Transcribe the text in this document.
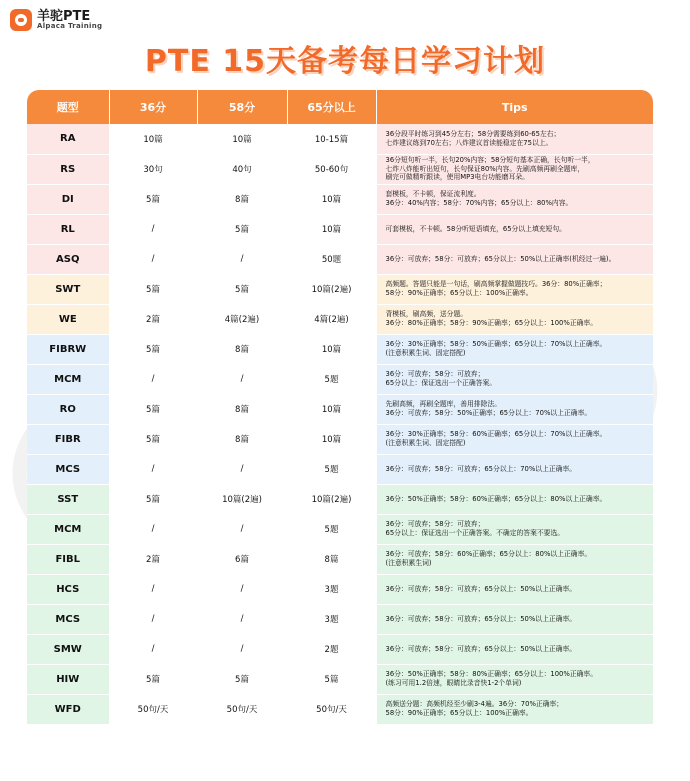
羊驼PTE
Alpaca Training
PTE 15天备考每日学习计划
题型	36分	58分	65分以上	Tips
RA	10篇	10篇	10-15篇	36分段平时练习到45分左右；58分需要练到60-65左右；
七炸建议练到70左右；八炸建议首读能稳定在75以上。
RS	30句	40句	50-60句	36分短句听一半，长句20%内容；58分短句基本正确，长句听一半，
七炸八炸能听出短句，长句保证80%内容。先刷高频再刷全题库，
刷完可做精听跟读，使用MP3电台功能磨耳朵。
DI	5篇	8篇	10篇	套模板，不卡顿，保证流利度。
36分：40%内容；58分：70%内容；65分以上：80%内容。
RL	/	5篇	10篇	可套模板，不卡顿。58分听短语填充，65分以上填充短句。
ASQ	/	/	50题	36分：可放弃；58分：可放弃；65分以上：50%以上正确率(机经过一遍)。
SWT	5篇	5篇	10篇(2遍)	高频题。答题只能是一句话，刷高频掌握做题技巧。36分：80%正确率；
58分：90%正确率；65分以上：100%正确率。
WE	2篇	4篇(2遍)	4篇(2遍)	背模板，刷高频，送分题。
36分：80%正确率；58分：90%正确率；65分以上：100%正确率。
FIBRW	5篇	8篇	10篇	36分：30%正确率；58分：50%正确率；65分以上：70%以上正确率。
(注意积累生词、固定搭配)
MCM	/	/	5题	36分：可放弃；58分：可放弃；
65分以上：保证选出一个正确答案。
RO	5篇	8篇	10篇	先刷高频，再刷全题库，善用排除法。
36分：可放弃；58分：50%正确率；65分以上：70%以上正确率。
FIBR	5篇	8篇	10篇	36分：30%正确率；58分：60%正确率；65分以上：70%以上正确率。
(注意积累生词、固定搭配)
MCS	/	/	5题	36分：可放弃；58分：可放弃；65分以上：70%以上正确率。
SST	5篇	10篇(2遍)	10篇(2遍)	36分：50%正确率；58分：60%正确率；65分以上：80%以上正确率。
MCM	/	/	5题	36分：可放弃；58分：可放弃；
65分以上：保证选出一个正确答案。不确定的答案不要选。
FIBL	2篇	6篇	8篇	36分：可放弃；58分：60%正确率；65分以上：80%以上正确率。
(注意积累生词)
HCS	/	/	3题	36分：可放弃；58分：可放弃；65分以上：50%以上正确率。
MCS	/	/	3题	36分：可放弃；58分：可放弃；65分以上：50%以上正确率。
SMW	/	/	2题	36分：可放弃；58分：可放弃；65分以上：50%以上正确率。
HIW	5篇	5篇	5篇	36分：50%正确率；58分：80%正确率；65分以上：100%正确率。
(练习可用1.2倍速，眼睛比录音快1-2个单词)
WFD	50句/天	50句/天	50句/天	高频送分题：高频机经至少刷3-4遍。36分：70%正确率；
58分：90%正确率；65分以上：100%正确率。
